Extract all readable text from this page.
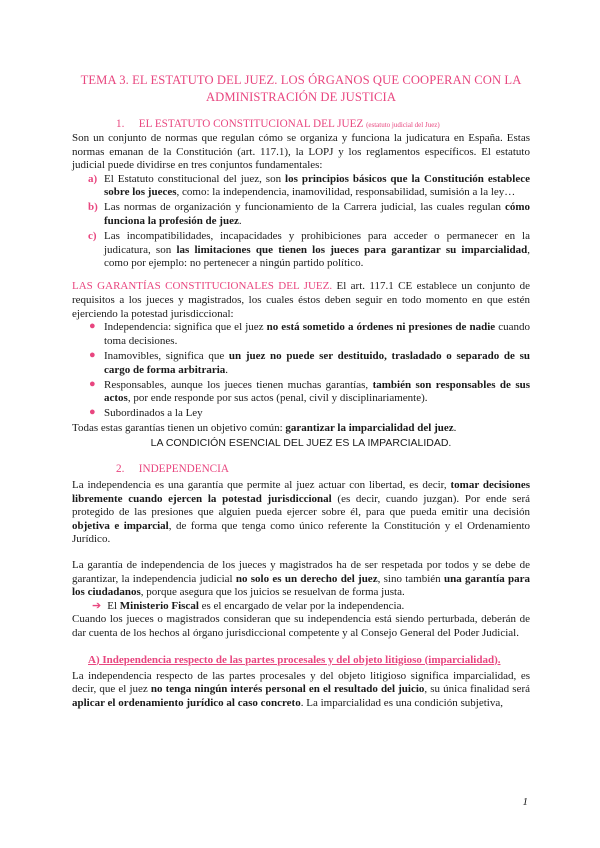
TEMA 3. EL ESTATUTO DEL JUEZ. LOS ÓRGANOS QUE COOPERAN CON LA ADMINISTRACIÓN DE JUSTICIA
1. EL ESTATUTO CONSTITUCIONAL DEL JUEZ (estatuto judicial del Juez)

Son un conjunto de normas que regulan cómo se organiza y funciona la judicatura en España. Estas normas emanan de la Constitución (art. 117.1), la LOPJ y los reglamentos específicos. El estatuto judicial puede dividirse en tres conjuntos fundamentales:

a) El Estatuto constitucional del juez, son los principios básicos que la Constitución establece sobre los jueces, como: la independencia, inamovilidad, responsabilidad, sumisión a la ley…
b) Las normas de organización y funcionamiento de la Carrera judicial, las cuales regulan cómo funciona la profesión de juez.
c) Las incompatibilidades, incapacidades y prohibiciones para acceder o permanecer en la judicatura, son las limitaciones que tienen los jueces para garantizar su imparcialidad, como por ejemplo: no pertenecer a ningún partido político.

LAS GARANTÍAS CONSTITUCIONALES DEL JUEZ. El art. 117.1 CE establece un conjunto de requisitos a los jueces y magistrados, los cuales éstos deben seguir en todo momento en que estén ejerciendo la potestad jurisdiccional:

● Independencia: significa que el juez no está sometido a órdenes ni presiones de nadie cuando toma decisiones.
● Inamovibles, significa que un juez no puede ser destituido, trasladado o separado de su cargo de forma arbitraria.
● Responsables, aunque los jueces tienen muchas garantías, también son responsables de sus actos, por ende responde por sus actos (penal, civil y disciplinariamente).
● Subordinados a la Ley

Todas estas garantías tienen un objetivo común: garantizar la imparcialidad del juez.

LA CONDICIÓN ESENCIAL DEL JUEZ ES LA IMPARCIALIDAD.
2. INDEPENDENCIA

La independencia es una garantía que permite al juez actuar con libertad, es decir, tomar decisiones libremente cuando ejercen la potestad jurisdiccional (es decir, cuando juzgan). Por ende será protegido de las presiones que alguien pueda ejercer sobre él, para que pueda emitir una decisión objetiva e imparcial, de forma que tenga como único referente la Constitución y el Ordenamiento Jurídico.

La garantía de independencia de los jueces y magistrados ha de ser respetada por todos y se debe de garantizar, la independencia judicial no solo es un derecho del juez, sino también una garantía para los ciudadanos, porque asegura que los juicios se resuelvan de forma justa.

➔ El Ministerio Fiscal es el encargado de velar por la independencia.

Cuando los jueces o magistrados consideran que su independencia está siendo perturbada, deberán de dar cuenta de los hechos al órgano jurisdiccional competente y al Consejo General del Poder Judicial.

A) Independencia respecto de las partes procesales y del objeto litigioso (imparcialidad).

La independencia respecto de las partes procesales y del objeto litigioso significa imparcialidad, es decir, que el juez no tenga ningún interés personal en el resultado del juicio, su única finalidad será aplicar el ordenamiento jurídico al caso concreto. La imparcialidad es una condición subjetiva,

1
